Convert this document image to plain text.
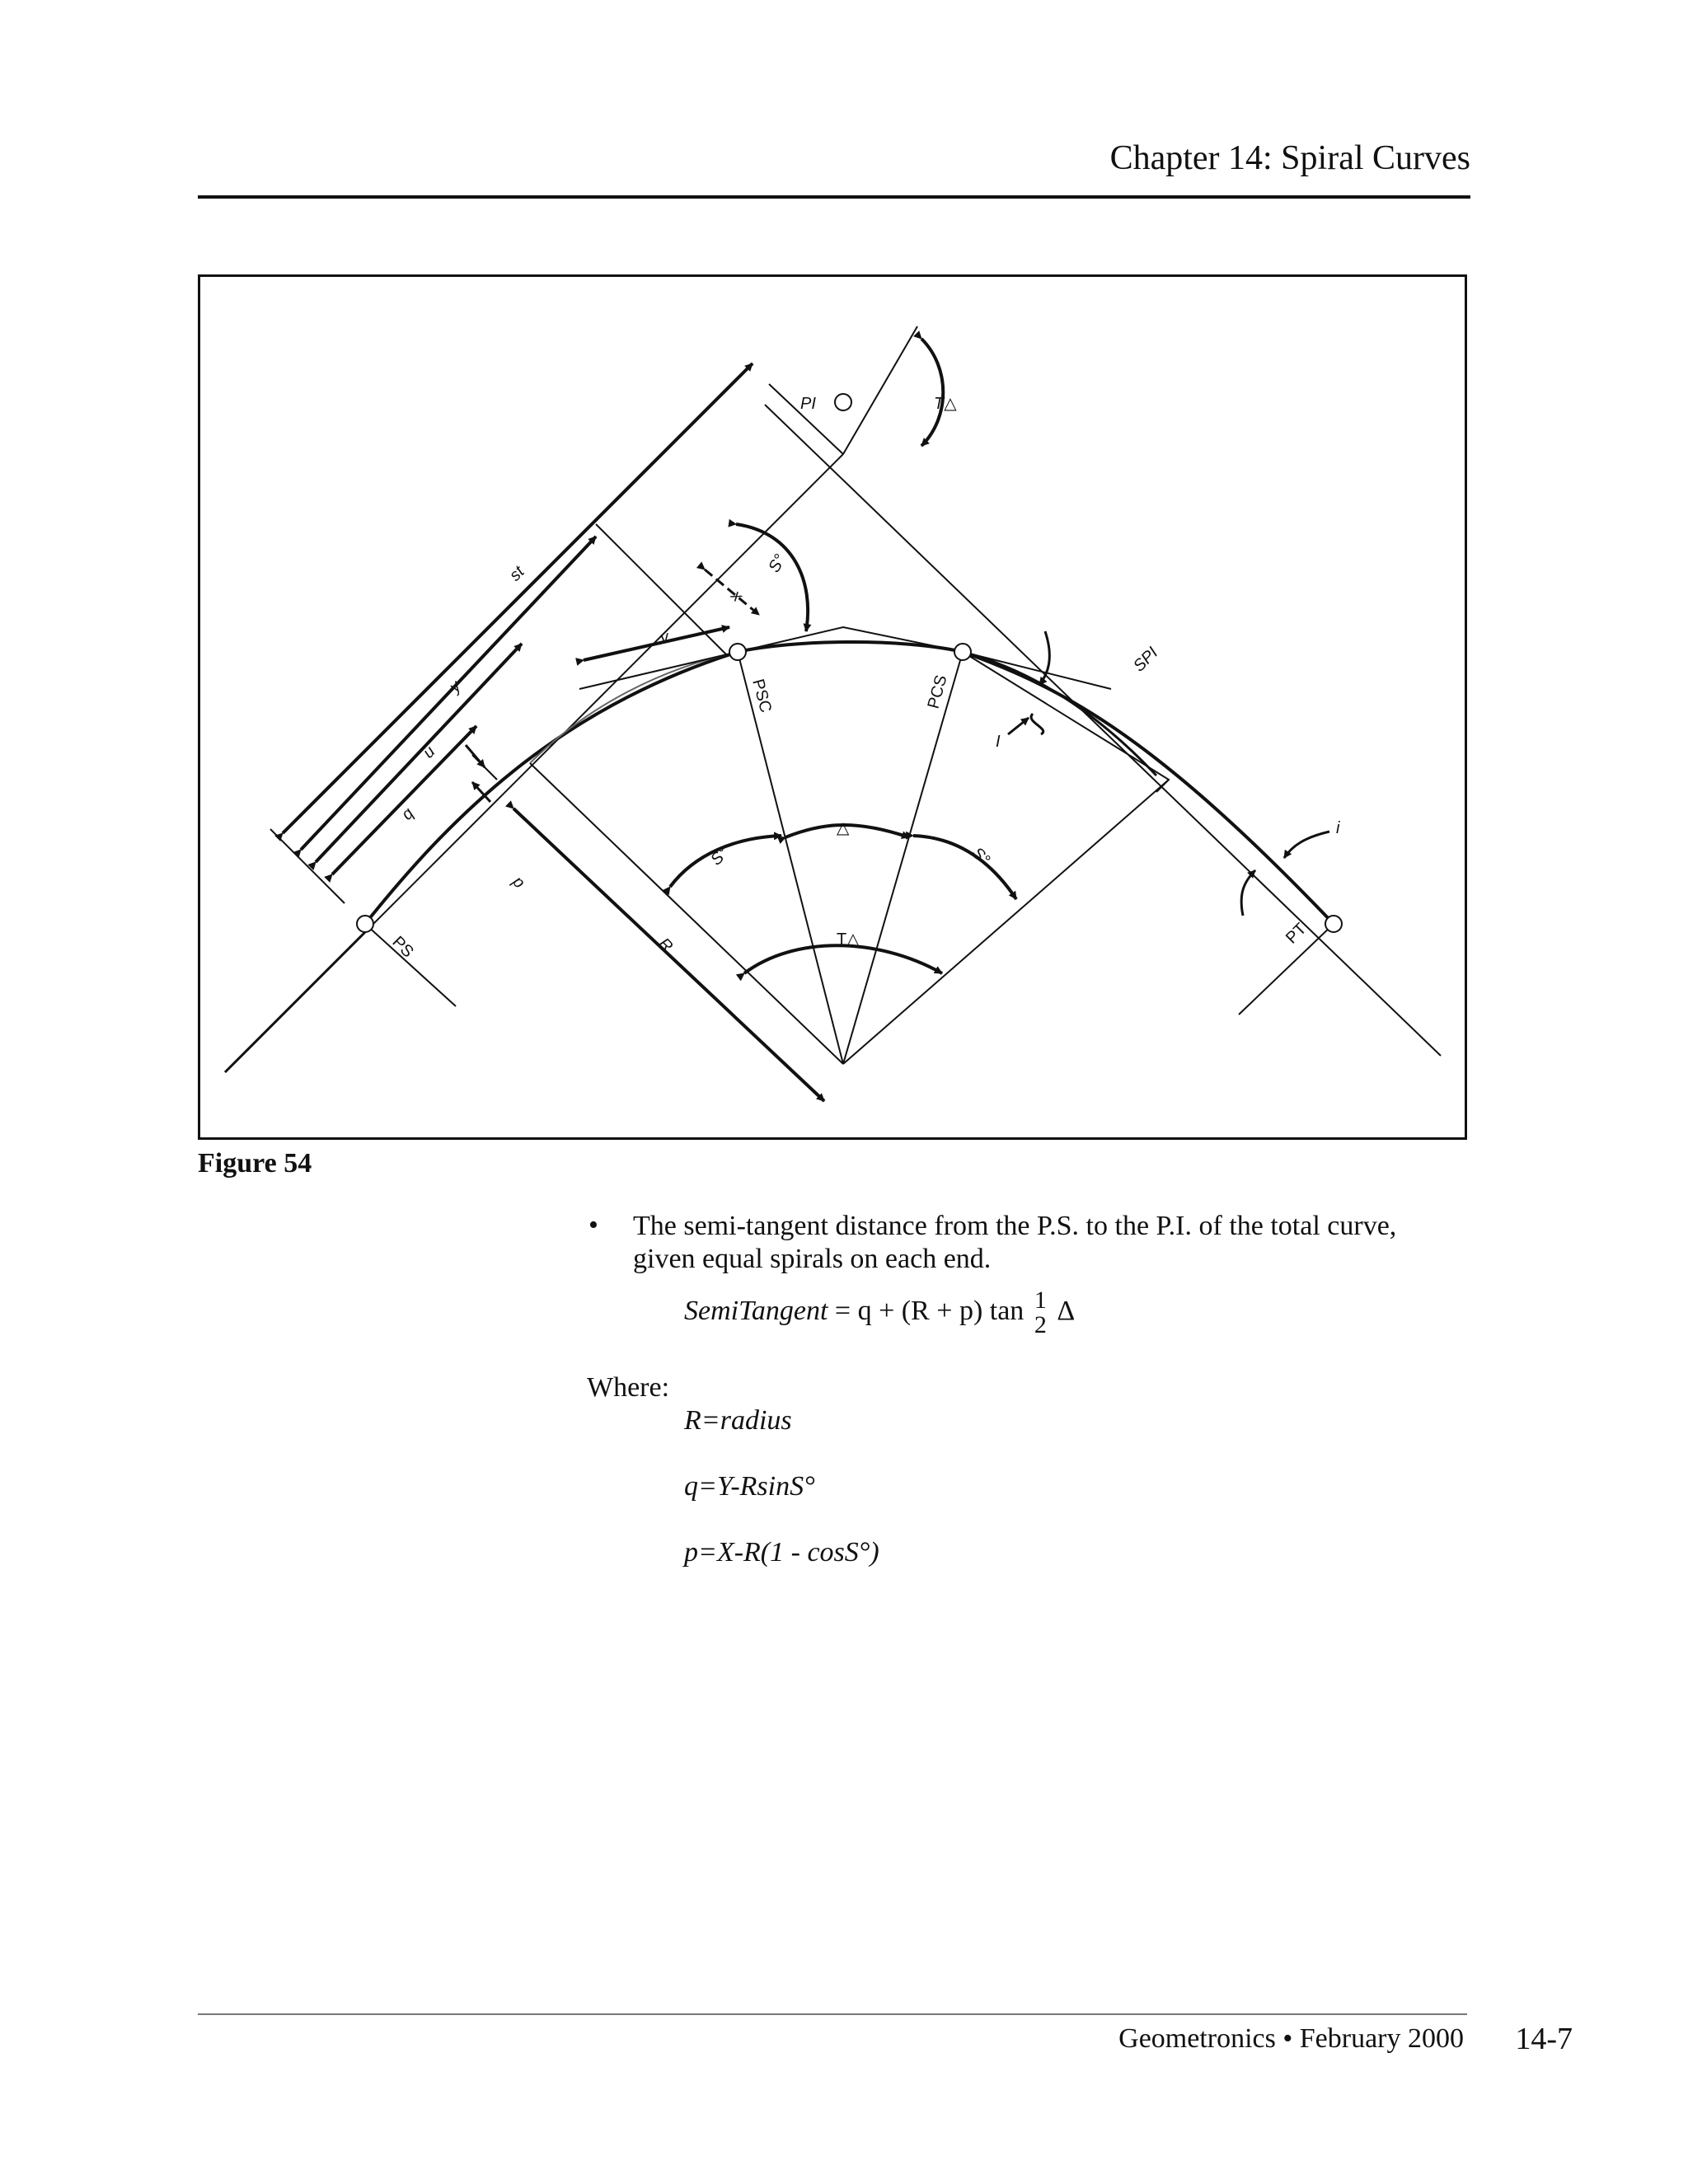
Chapter 14: Spiral Curves
PI	T△
PS	PT
PSC	PCS
SPI
S°
S°	S°
△
T△
x
v
st
y
u
q
p
R
I
i
Figure 54
• The semi-tangent distance from the P.S. to the P.I. of the total curve, given equal spirals on each end.
SemiTangent = q + (R + p) tan 1
2 Δ
Where:
R=radius
q=Y-RsinS°
p=X-R(1 - cosS°)
Geometronics • February 2000 14-7
